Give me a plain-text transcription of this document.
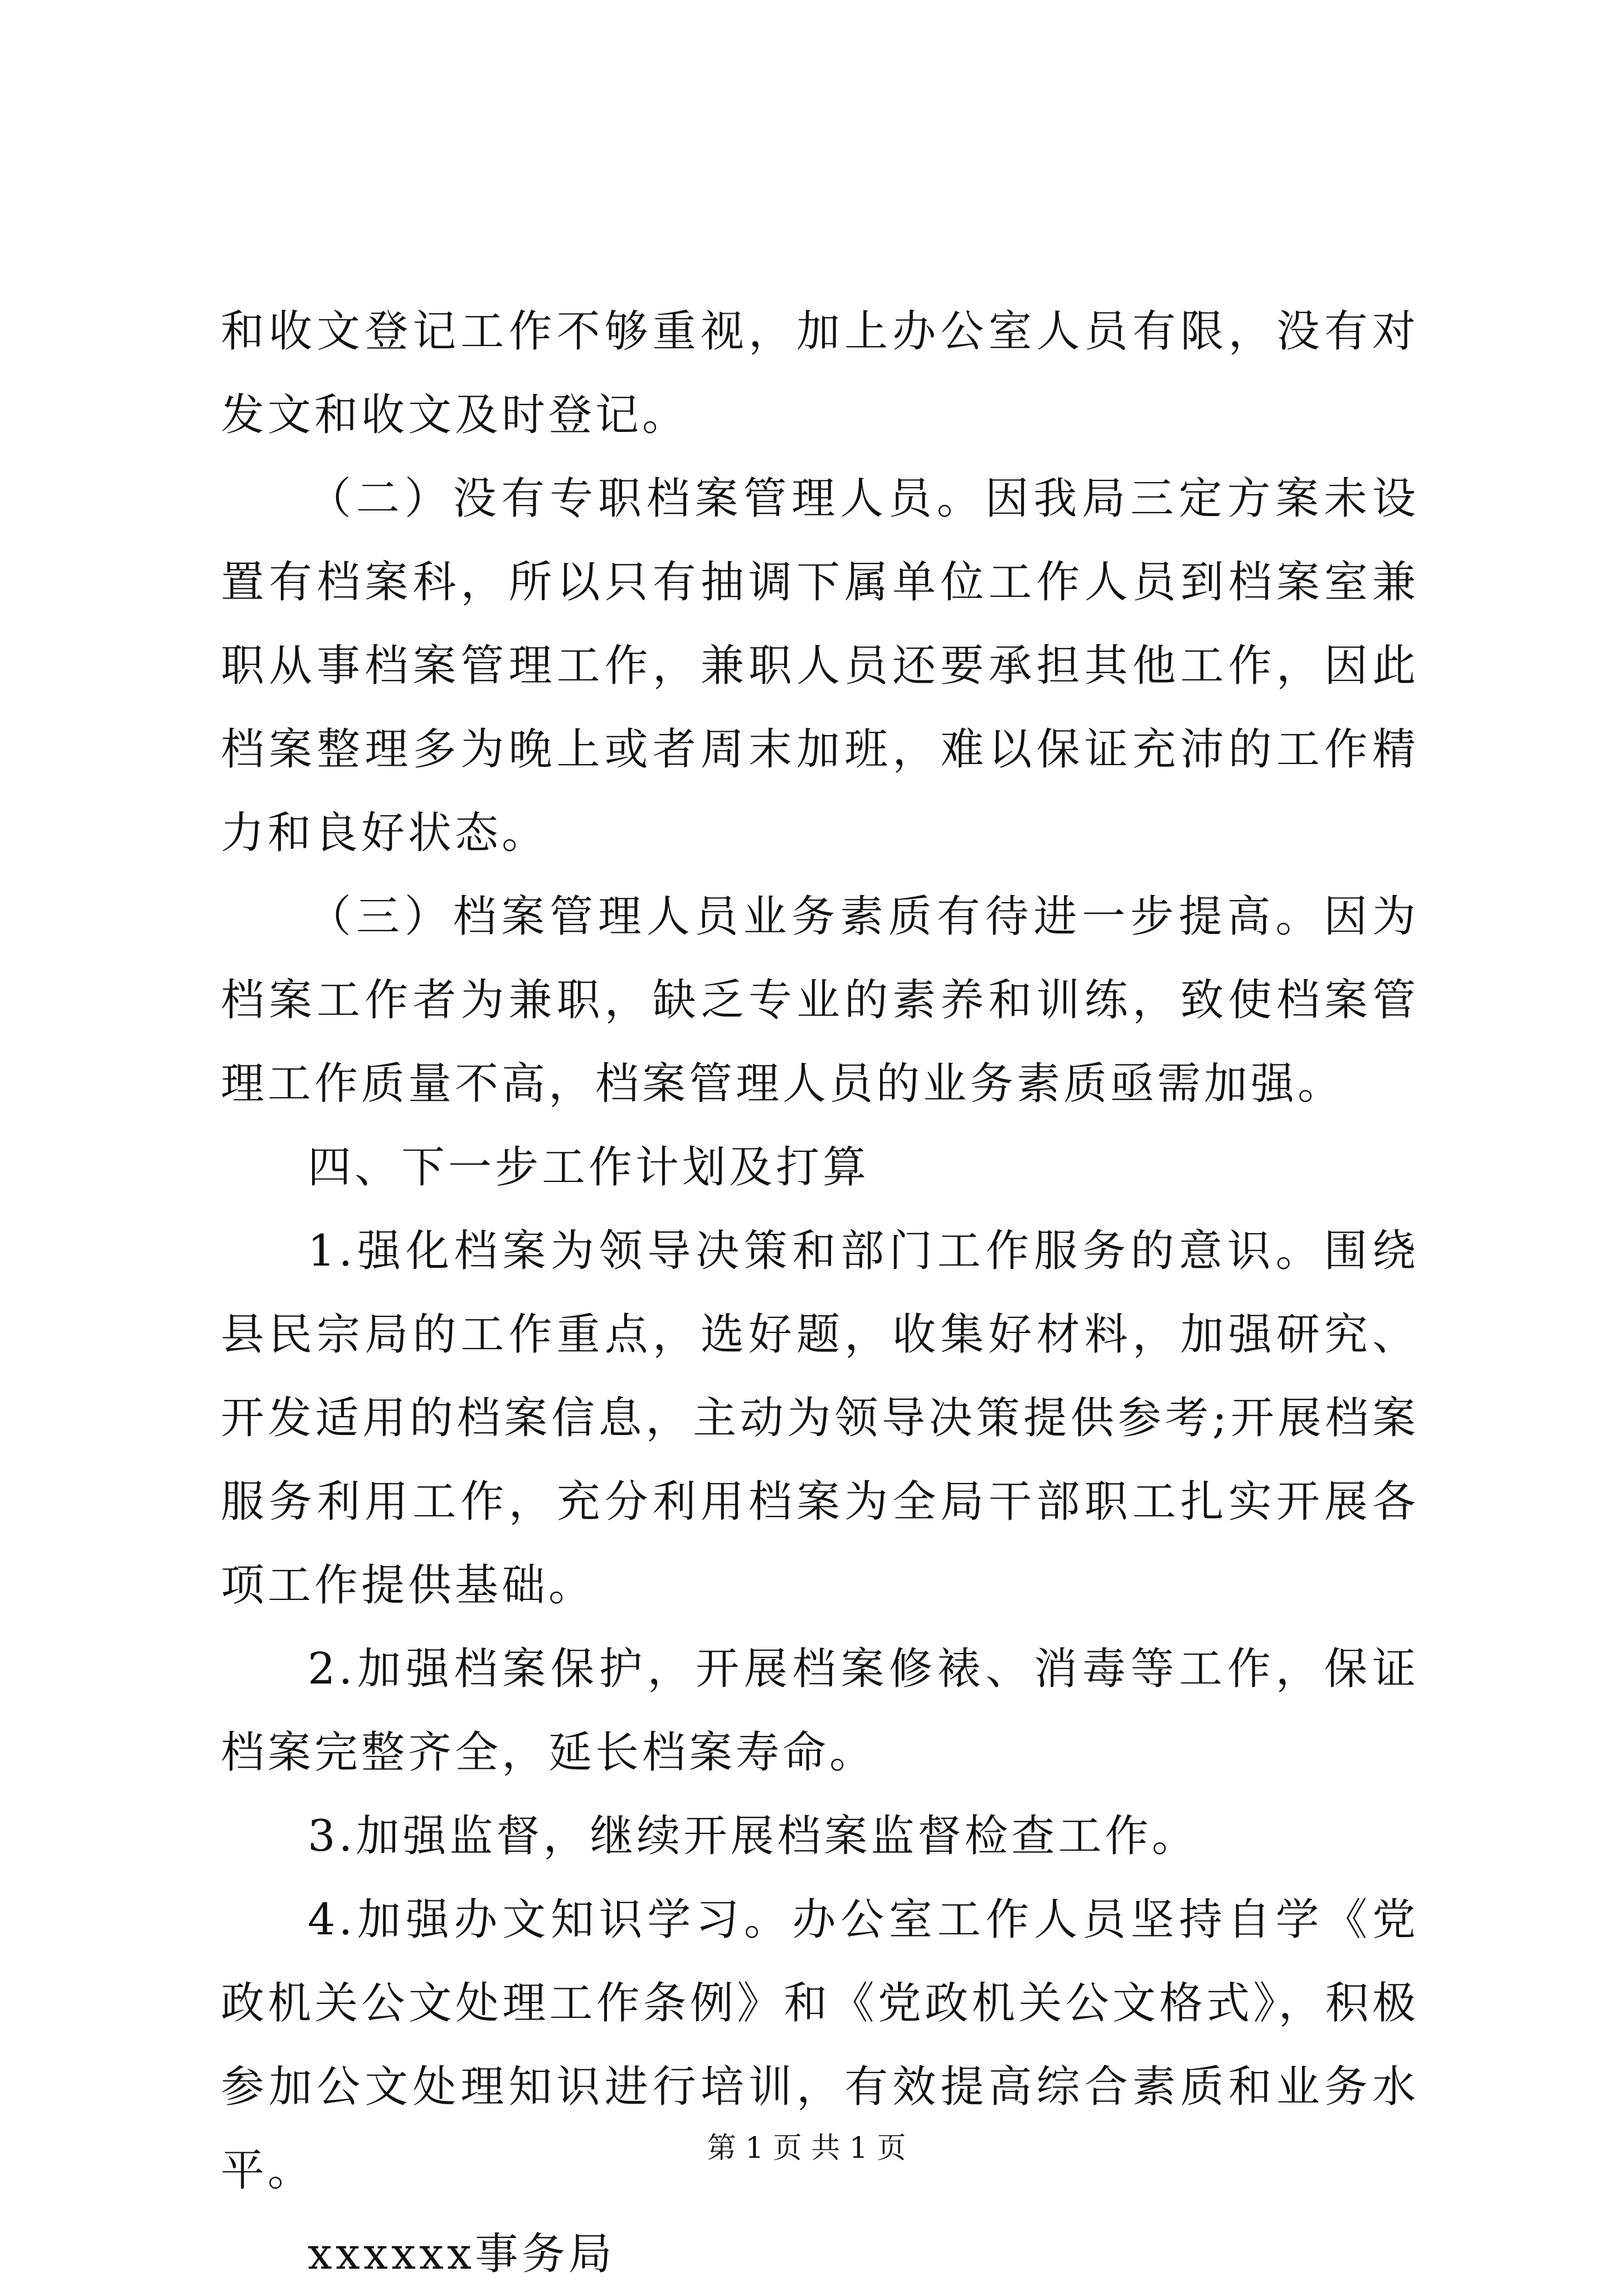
和收文登记工作不够重视，加上办公室人员有限，没有对发文和收文及时登记。

（二）没有专职档案管理人员。因我局三定方案未设置有档案科，所以只有抽调下属单位工作人员到档案室兼职从事档案管理工作，兼职人员还要承担其他工作，因此档案整理多为晚上或者周末加班，难以保证充沛的工作精力和良好状态。

（三）档案管理人员业务素质有待进一步提高。因为档案工作者为兼职，缺乏专业的素养和训练，致使档案管理工作质量不高，档案管理人员的业务素质亟需加强。

四、下一步工作计划及打算

1.强化档案为领导决策和部门工作服务的意识。围绕县民宗局的工作重点，选好题，收集好材料，加强研究、开发适用的档案信息，主动为领导决策提供参考;开展档案服务利用工作，充分利用档案为全局干部职工扎实开展各项工作提供基础。

2.加强档案保护，开展档案修裱、消毒等工作，保证档案完整齐全，延长档案寿命。

3.加强监督，继续开展档案监督检查工作。

4.加强办文知识学习。办公室工作人员坚持自学《党政机关公文处理工作条例》和《党政机关公文格式》，积极参加公文处理知识进行培训，有效提高综合素质和业务水平。

xxxxxx事务局

第 1 页 共 1 页
